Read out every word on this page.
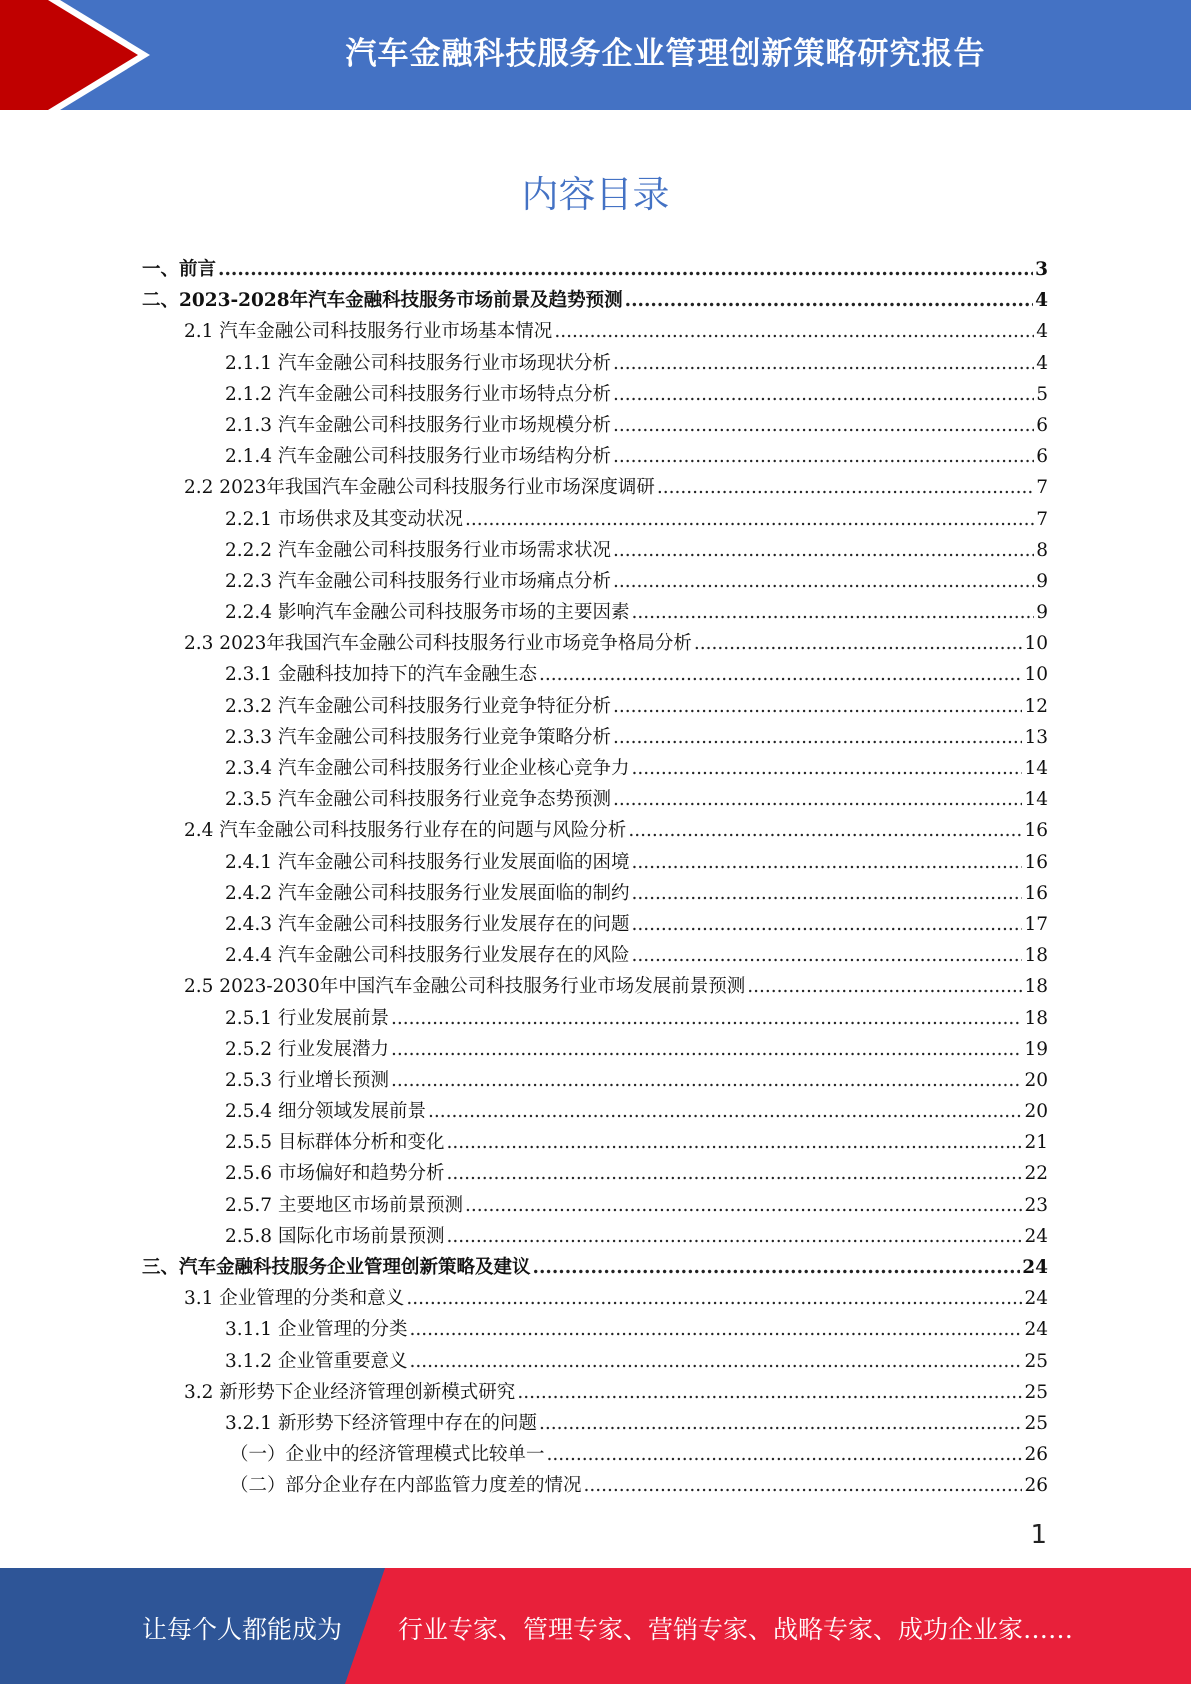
汽车金融科技服务企业管理创新策略研究报告
内容目录
一、前言 .....	3
二、2023-2028年汽车金融科技服务市场前景及趋势预测 .....	4
2.1 汽车金融公司科技服务行业市场基本情况 .....	4
2.1.1 汽车金融公司科技服务行业市场现状分析 .....	4
2.1.2 汽车金融公司科技服务行业市场特点分析 .....	5
2.1.3 汽车金融公司科技服务行业市场规模分析 .....	6
2.1.4 汽车金融公司科技服务行业市场结构分析 .....	6
2.2 2023年我国汽车金融公司科技服务行业市场深度调研 .....	7
2.2.1 市场供求及其变动状况 .....	7
2.2.2 汽车金融公司科技服务行业市场需求状况 .....	8
2.2.3 汽车金融公司科技服务行业市场痛点分析 .....	9
2.2.4 影响汽车金融公司科技服务市场的主要因素 .....	9
2.3 2023年我国汽车金融公司科技服务行业市场竞争格局分析 .....	10
2.3.1 金融科技加持下的汽车金融生态 .....	10
2.3.2 汽车金融公司科技服务行业竞争特征分析 .....	12
2.3.3 汽车金融公司科技服务行业竞争策略分析 .....	13
2.3.4 汽车金融公司科技服务行业企业核心竞争力 .....	14
2.3.5 汽车金融公司科技服务行业竞争态势预测 .....	14
2.4 汽车金融公司科技服务行业存在的问题与风险分析 .....	16
2.4.1 汽车金融公司科技服务行业发展面临的困境 .....	16
2.4.2 汽车金融公司科技服务行业发展面临的制约 .....	16
2.4.3 汽车金融公司科技服务行业发展存在的问题 .....	17
2.4.4 汽车金融公司科技服务行业发展存在的风险 .....	18
2.5 2023-2030年中国汽车金融公司科技服务行业市场发展前景预测 .....	18
2.5.1 行业发展前景 .....	18
2.5.2 行业发展潜力 .....	19
2.5.3 行业增长预测 .....	20
2.5.4 细分领域发展前景 .....	20
2.5.5 目标群体分析和变化 .....	21
2.5.6 市场偏好和趋势分析 .....	22
2.5.7 主要地区市场前景预测 .....	23
2.5.8 国际化市场前景预测 .....	24
三、汽车金融科技服务企业管理创新策略及建议 .....	24
3.1 企业管理的分类和意义 .....	24
3.1.1 企业管理的分类 .....	24
3.1.2 企业管重要意义 .....	25
3.2 新形势下企业经济管理创新模式研究 .....	25
3.2.1 新形势下经济管理中存在的问题 .....	25
（一）企业中的经济管理模式比较单一 .....	26
（二）部分企业存在内部监管力度差的情况 .....	26
1
让每个人都能成为 行业专家、管理专家、营销专家、战略专家、成功企业家……
